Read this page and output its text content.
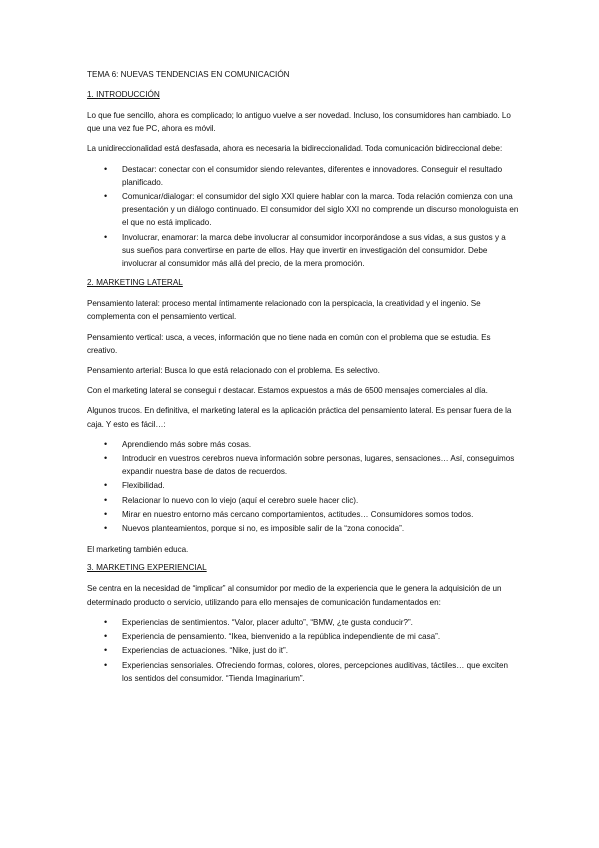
TEMA 6: NUEVAS TENDENCIAS EN COMUNICACIÓN
1. INTRODUCCIÓN

Lo que fue sencillo, ahora es complicado; lo antiguo vuelve a ser novedad. Incluso, los consumidores han cambiado. Lo que una vez fue PC, ahora es móvil.

La unidireccionalidad está desfasada, ahora es necesaria la bidireccionalidad. Toda comunicación bidireccional debe:

• Destacar: conectar con el consumidor siendo relevantes, diferentes e innovadores. Conseguir el resultado planificado.
• Comunicar/dialogar: el consumidor del siglo XXI quiere hablar con la marca. Toda relación comienza con una presentación y un diálogo continuado. El consumidor del siglo XXI no comprende un discurso monologuista en el que no está implicado.
• Involucrar, enamorar: la marca debe involucrar al consumidor incorporándose a sus vidas, a sus gustos y a sus sueños para convertirse en parte de ellos. Hay que invertir en investigación del consumidor. Debe involucrar al consumidor más allá del precio, de la mera promoción.
2. MARKETING LATERAL

Pensamiento lateral: proceso mental íntimamente relacionado con la perspicacia, la creatividad y el ingenio. Se complementa con el pensamiento vertical.

Pensamiento vertical: usca, a veces, información que no tiene nada en común con el problema que se estudia. Es creativo.

Pensamiento arterial: Busca lo que está relacionado con el problema. Es selectivo.

Con el marketing lateral se consegui r destacar. Estamos expuestos a más de 6500 mensajes comerciales al día.

Algunos trucos. En definitiva, el marketing lateral es la aplicación práctica del pensamiento lateral. Es pensar fuera de la caja. Y esto es fácil…:

• Aprendiendo más sobre más cosas.
• Introducir en vuestros cerebros nueva información sobre personas, lugares, sensaciones… Así, conseguimos expandir nuestra base de datos de recuerdos.
• Flexibilidad.
• Relacionar lo nuevo con lo viejo (aquí el cerebro suele hacer clic).
• Mirar en nuestro entorno más cercano comportamientos, actitudes… Consumidores somos todos.
• Nuevos planteamientos, porque si no, es imposible salir de la “zona conocida”.

El marketing también educa.

3. MARKETING EXPERIENCIAL

Se centra en la necesidad de “implicar” al consumidor por medio de la experiencia que le genera la adquisición de un determinado producto o servicio, utilizando para ello mensajes de comunicación fundamentados en:

• Experiencias de sentimientos. “Valor, placer adulto”, “BMW, ¿te gusta conducir?”.
• Experiencia de pensamiento. “Ikea, bienvenido a la república independiente de mi casa”.
• Experiencias de actuaciones. “Nike, just do it”.
• Experiencias sensoriales. Ofreciendo formas, colores, olores, percepciones auditivas, táctiles… que exciten los sentidos del consumidor. “Tienda Imaginarium”.
